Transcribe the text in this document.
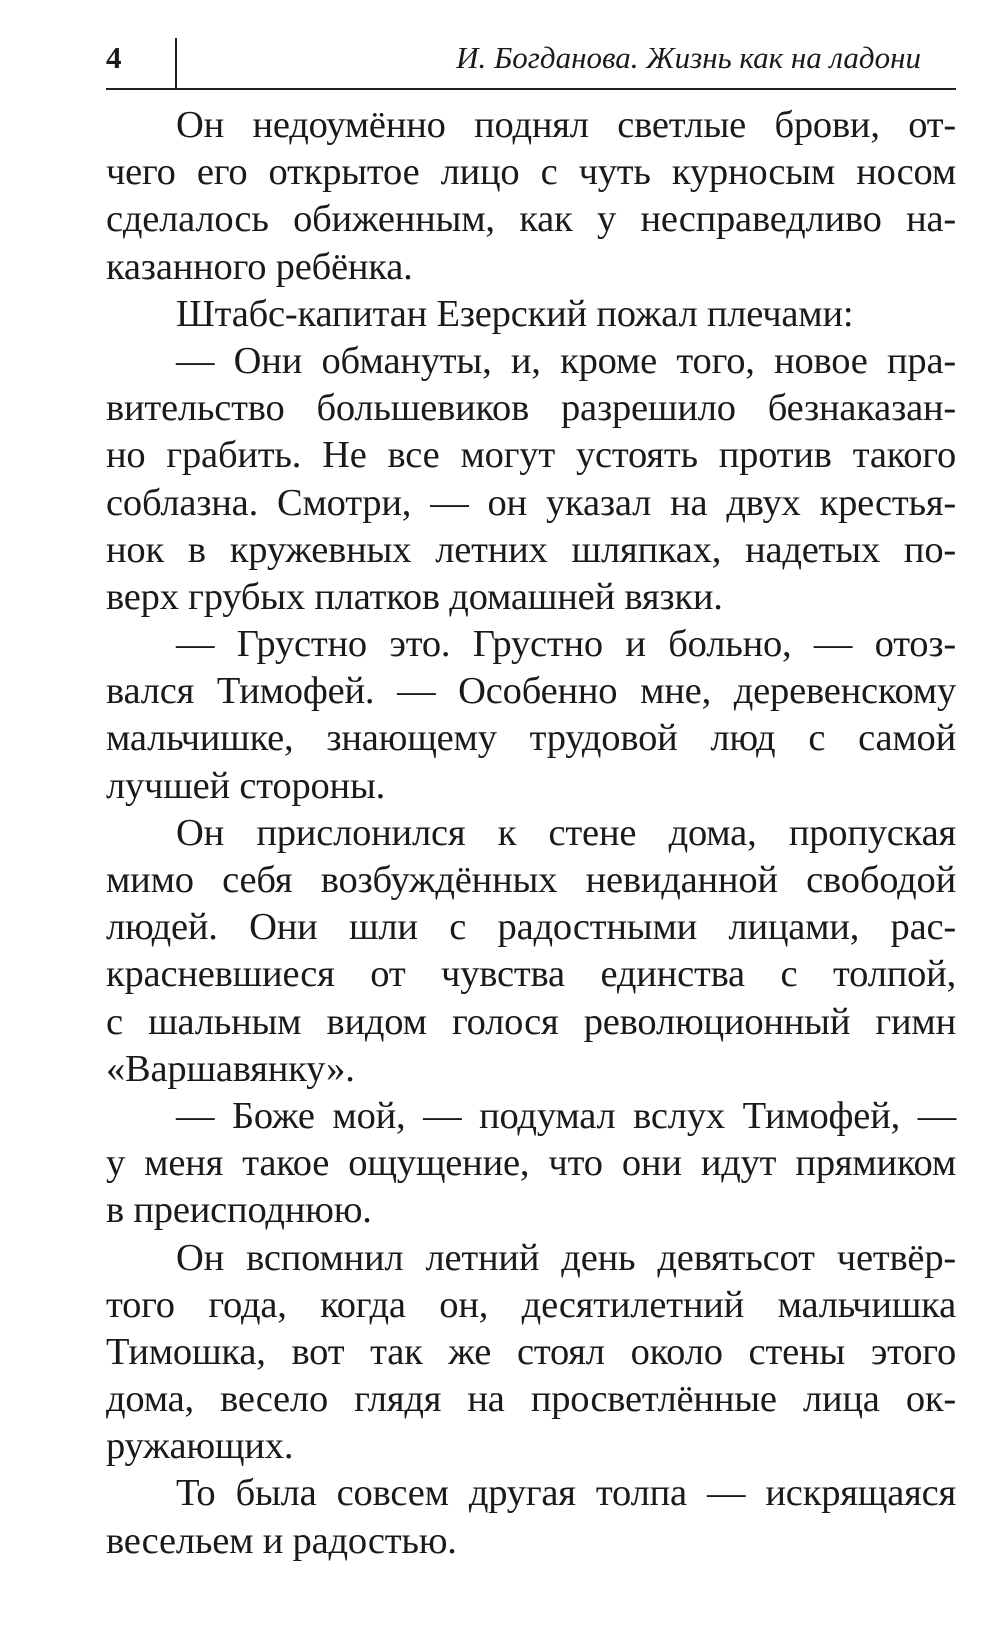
4	И. Богданова. Жизнь как на ладони
Он недоумённо поднял светлые брови, от-
чего его открытое лицо с чуть курносым носом
сделалось обиженным, как у несправедливо на-
казанного ребёнка.
Штабс-капитан Езерский пожал плечами:
— Они обмануты, и, кроме того, новое пра-
вительство большевиков разрешило безнаказан-
но грабить. Не все могут устоять против такого
соблазна. Смотри, — он указал на двух крестья-
нок в кружевных летних шляпках, надетых по-
верх грубых платков домашней вязки.
— Грустно это. Грустно и больно, — отоз-
вался Тимофей. — Особенно мне, деревенскому
мальчишке, знающему трудовой люд с самой
лучшей стороны.
Он прислонился к стене дома, пропуская
мимо себя возбуждённых невиданной свободой
людей. Они шли с радостными лицами, рас-
красневшиеся от чувства единства с толпой,
с шальным видом голося революционный гимн
«Варшавянку».
— Боже мой, — подумал вслух Тимофей, —
у меня такое ощущение, что они идут прямиком
в преисподнюю.
Он вспомнил летний день девятьсот четвёр-
того года, когда он, десятилетний мальчишка
Тимошка, вот так же стоял около стены этого
дома, весело глядя на просветлённые лица ок-
ружающих.
То была совсем другая толпа — искрящаяся
весельем и радостью.
